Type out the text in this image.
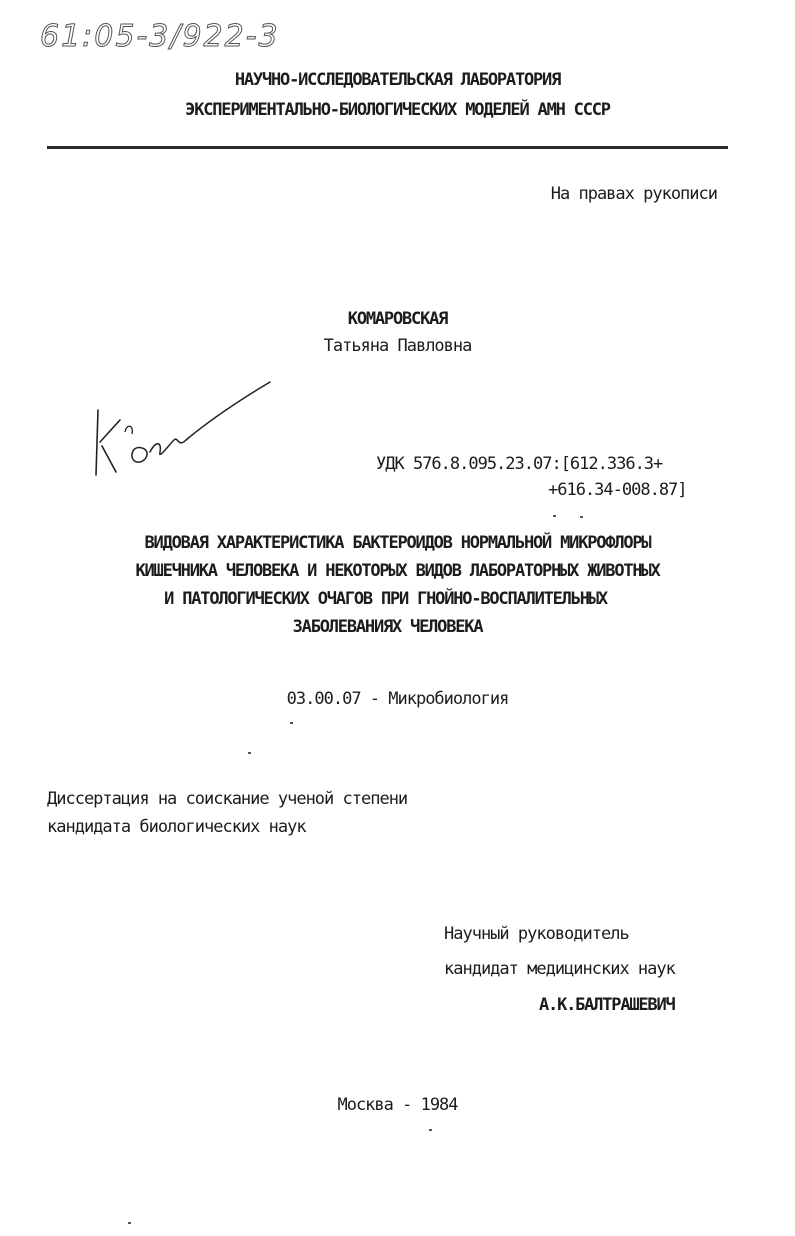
61:05-3/922-3
НАУЧНО-ИССЛЕДОВАТЕЛЬСКАЯ ЛАБОРАТОРИЯ
ЭКСПЕРИМЕНТАЛЬНО-БИОЛОГИЧЕСКИХ МОДЕЛЕЙ АМН СССР
На правах рукописи
КОМАРОВСКАЯ
Татьяна Павловна
УДК 576.8.095.23.07:[612.336.3+
+616.34-008.87]
ВИДОВАЯ ХАРАКТЕРИСТИКА БАКТЕРОИДОВ НОРМАЛЬНОЙ МИКРОФЛОРЫ
КИШЕЧНИКА ЧЕЛОВЕКА И НЕКОТОРЫХ ВИДОВ ЛАБОРАТОРНЫХ ЖИВОТНЫХ
И ПАТОЛОГИЧЕСКИХ ОЧАГОВ ПРИ ГНОЙНО-ВОСПАЛИТЕЛЬНЫХ
ЗАБОЛЕВАНИЯХ ЧЕЛОВЕКА
03.00.07 - Микробиология
Диссертация на соискание ученой степени
кандидата биологических наук
Научный руководитель
кандидат медицинских наук
А.К.БАЛТРАШЕВИЧ
Москва - 1984
